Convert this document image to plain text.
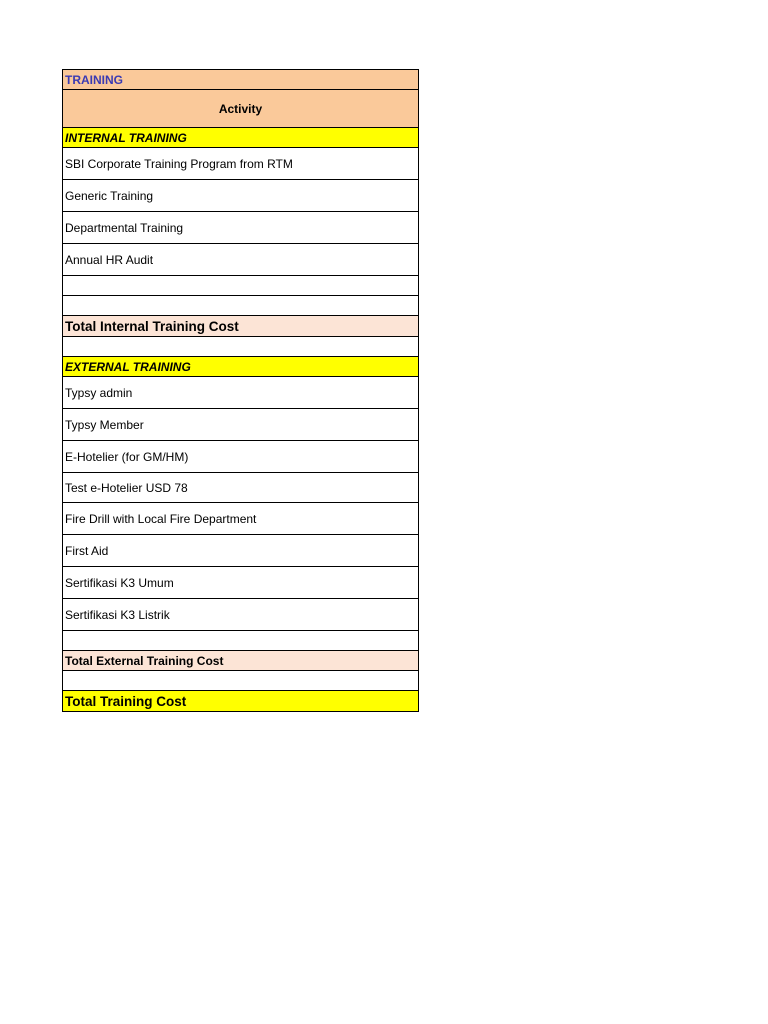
TRAINING
Activity
INTERNAL TRAINING
SBI Corporate Training Program from RTM
Generic Training
Departmental Training
Annual HR Audit
Total Internal Training Cost
EXTERNAL TRAINING
Typsy admin
Typsy Member
E-Hotelier (for GM/HM)
Test e-Hotelier USD 78
Fire Drill with Local Fire Department
First Aid
Sertifikasi K3 Umum
Sertifikasi K3 Listrik
Total External Training Cost
Total Training Cost
